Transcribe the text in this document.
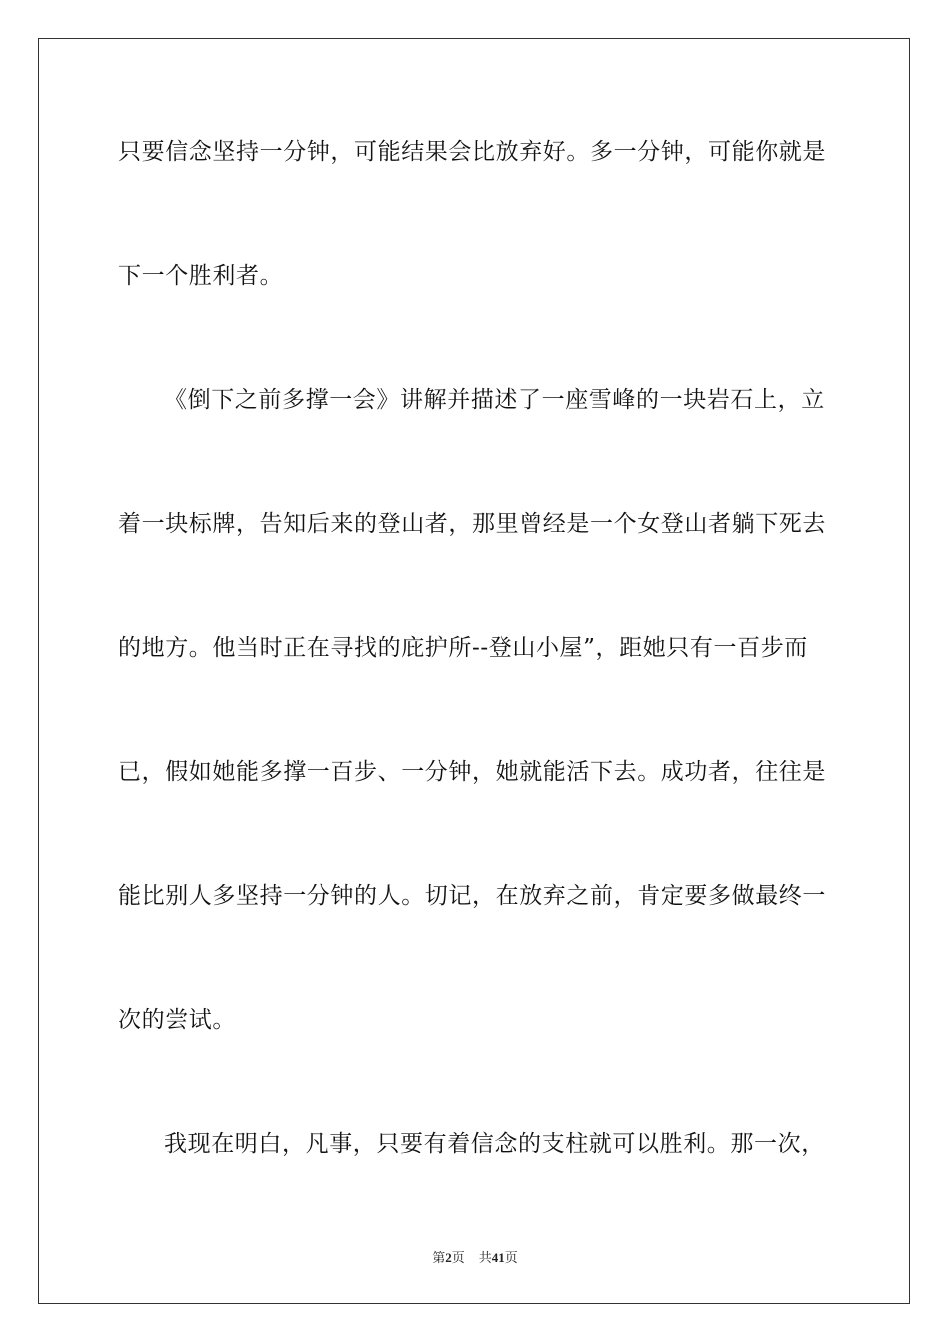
只要信念坚持一分钟，可能结果会比放弃好。多一分钟，可能你就是
下一个胜利者。
《倒下之前多撑一会》讲解并描述了一座雪峰的一块岩石上，立
着一块标牌，告知后来的登山者，那里曾经是一个女登山者躺下死去
的地方。他当时正在寻找的庇护所--登山小屋”，距她只有一百步而
已，假如她能多撑一百步、一分钟，她就能活下去。成功者，往往是
能比别人多坚持一分钟的人。切记，在放弃之前，肯定要多做最终一
次的尝试。
我现在明白，凡事，只要有着信念的支柱就可以胜利。那一次，
第2页 共41页
